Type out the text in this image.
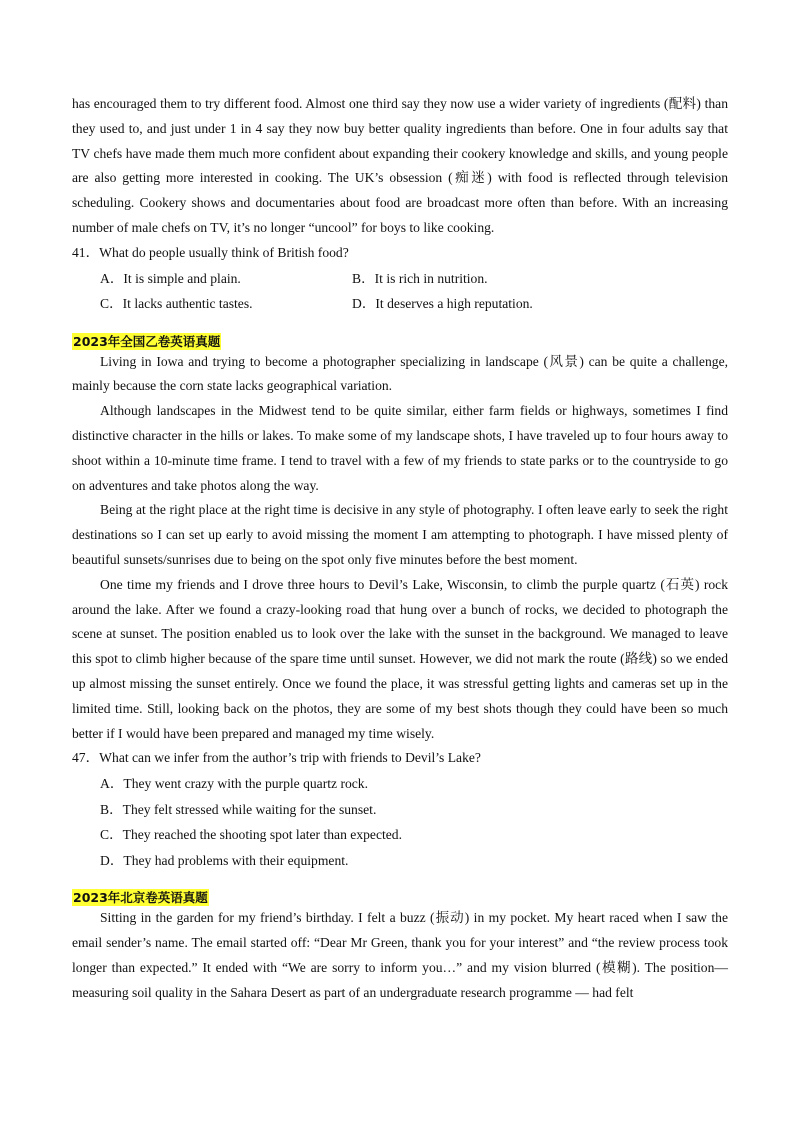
has encouraged them to try different food. Almost one third say they now use a wider variety of ingredients (配料) than they used to, and just under 1 in 4 say they now buy better quality ingredients than before. One in four adults say that TV chefs have made them much more confident about expanding their cookery knowledge and skills, and young people are also getting more interested in cooking. The UK’s obsession (痴迷) with food is reflected through television scheduling. Cookery shows and documentaries about food are broadcast more often than before. With an increasing number of male chefs on TV, it’s no longer “uncool” for boys to like cooking.

41．What do people usually think of British food?

A．It is simple and plain.	B．It is rich in nutrition.
C．It lacks authentic tastes.	D．It deserves a high reputation.
2023年全国乙卷英语真题

Living in Iowa and trying to become a photographer specializing in landscape (风景) can be quite a challenge, mainly because the corn state lacks geographical variation.

Although landscapes in the Midwest tend to be quite similar, either farm fields or highways, sometimes I find distinctive character in the hills or lakes. To make some of my landscape shots, I have traveled up to four hours away to shoot within a 10-minute time frame. I tend to travel with a few of my friends to state parks or to the countryside to go on adventures and take photos along the way.

Being at the right place at the right time is decisive in any style of photography. I often leave early to seek the right destinations so I can set up early to avoid missing the moment I am attempting to photograph. I have missed plenty of beautiful sunsets/sunrises due to being on the spot only five minutes before the best moment.

One time my friends and I drove three hours to Devil’s Lake, Wisconsin, to climb the purple quartz (石英) rock around the lake. After we found a crazy-looking road that hung over a bunch of rocks, we decided to photograph the scene at sunset. The position enabled us to look over the lake with the sunset in the background. We managed to leave this spot to climb higher because of the spare time until sunset. However, we did not mark the route (路线) so we ended up almost missing the sunset entirely. Once we found the place, it was stressful getting lights and cameras set up in the limited time. Still, looking back on the photos, they are some of my best shots though they could have been so much better if I would have been prepared and managed my time wisely.

47．What can we infer from the author’s trip with friends to Devil’s Lake?

A．They went crazy with the purple quartz rock.
B．They felt stressed while waiting for the sunset.
C．They reached the shooting spot later than expected.
D．They had problems with their equipment.
2023年北京卷英语真题

Sitting in the garden for my friend’s birthday. I felt a buzz (振动) in my pocket. My heart raced when I saw the email sender’s name. The email started off: “Dear Mr Green, thank you for your interest” and “the review process took longer than expected.” It ended with “We are sorry to inform you…” and my vision blurred (模糊). The position—measuring soil quality in the Sahara Desert as part of an undergraduate research programme — had felt
